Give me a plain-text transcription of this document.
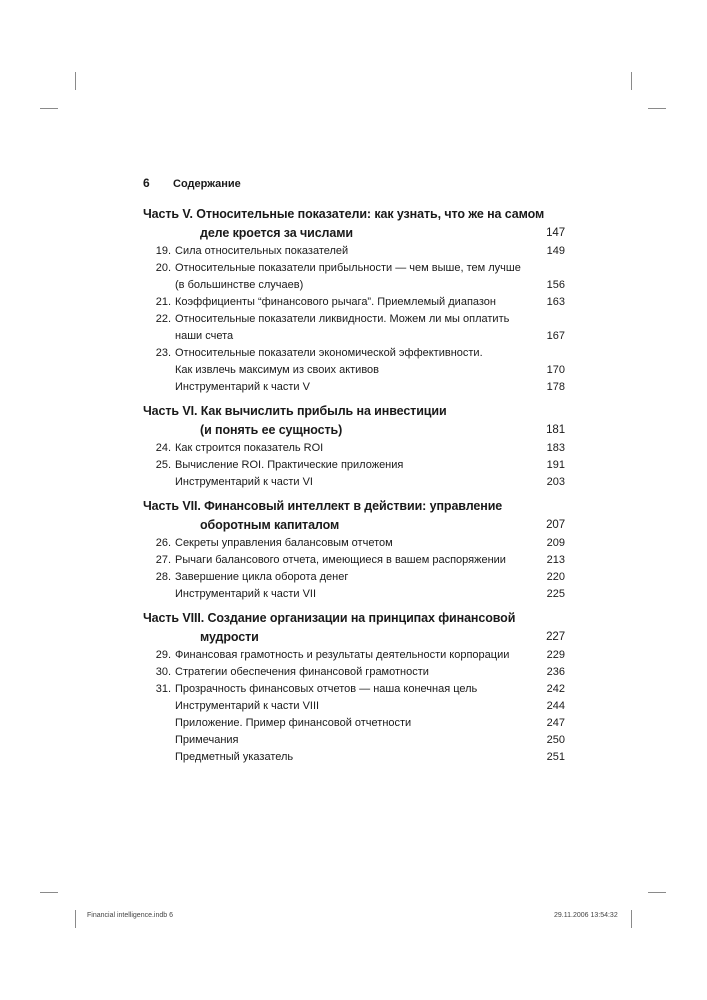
6 Содержание
Часть V. Относительные показатели: как узнать, что же на самом
деле кроется за числами	147
19. Сила относительных показателей	149
20. Относительные показатели прибыльности — чем выше, тем лучше
(в большинстве случаев)	156
21. Коэффициенты “финансового рычага”. Приемлемый диапазон	163
22. Относительные показатели ликвидности. Можем ли мы оплатить
наши счета	167
23. Относительные показатели экономической эффективности.
Как извлечь максимум из своих активов	170
Инструментарий к части V	178
Часть VI. Как вычислить прибыль на инвестиции
(и понять ее сущность)	181
24. Как строится показатель ROI	183
25. Вычисление ROI. Практические приложения	191
Инструментарий к части VI	203
Часть VII. Финансовый интеллект в действии: управление
оборотным капиталом	207
26. Секреты управления балансовым отчетом	209
27. Рычаги балансового отчета, имеющиеся в вашем распоряжении	213
28. Завершение цикла оборота денег	220
Инструментарий к части VII	225
Часть VIII. Создание организации на принципах финансовой
мудрости	227
29. Финансовая грамотность и результаты деятельности корпорации	229
30. Стратегии обеспечения финансовой грамотности	236
31. Прозрачность финансовых отчетов — наша конечная цель	242
Инструментарий к части VIII	244
Приложение. Пример финансовой отчетности	247
Примечания	250
Предметный указатель	251
Financial intelligence.indb 6	29.11.2006 13:54:32
